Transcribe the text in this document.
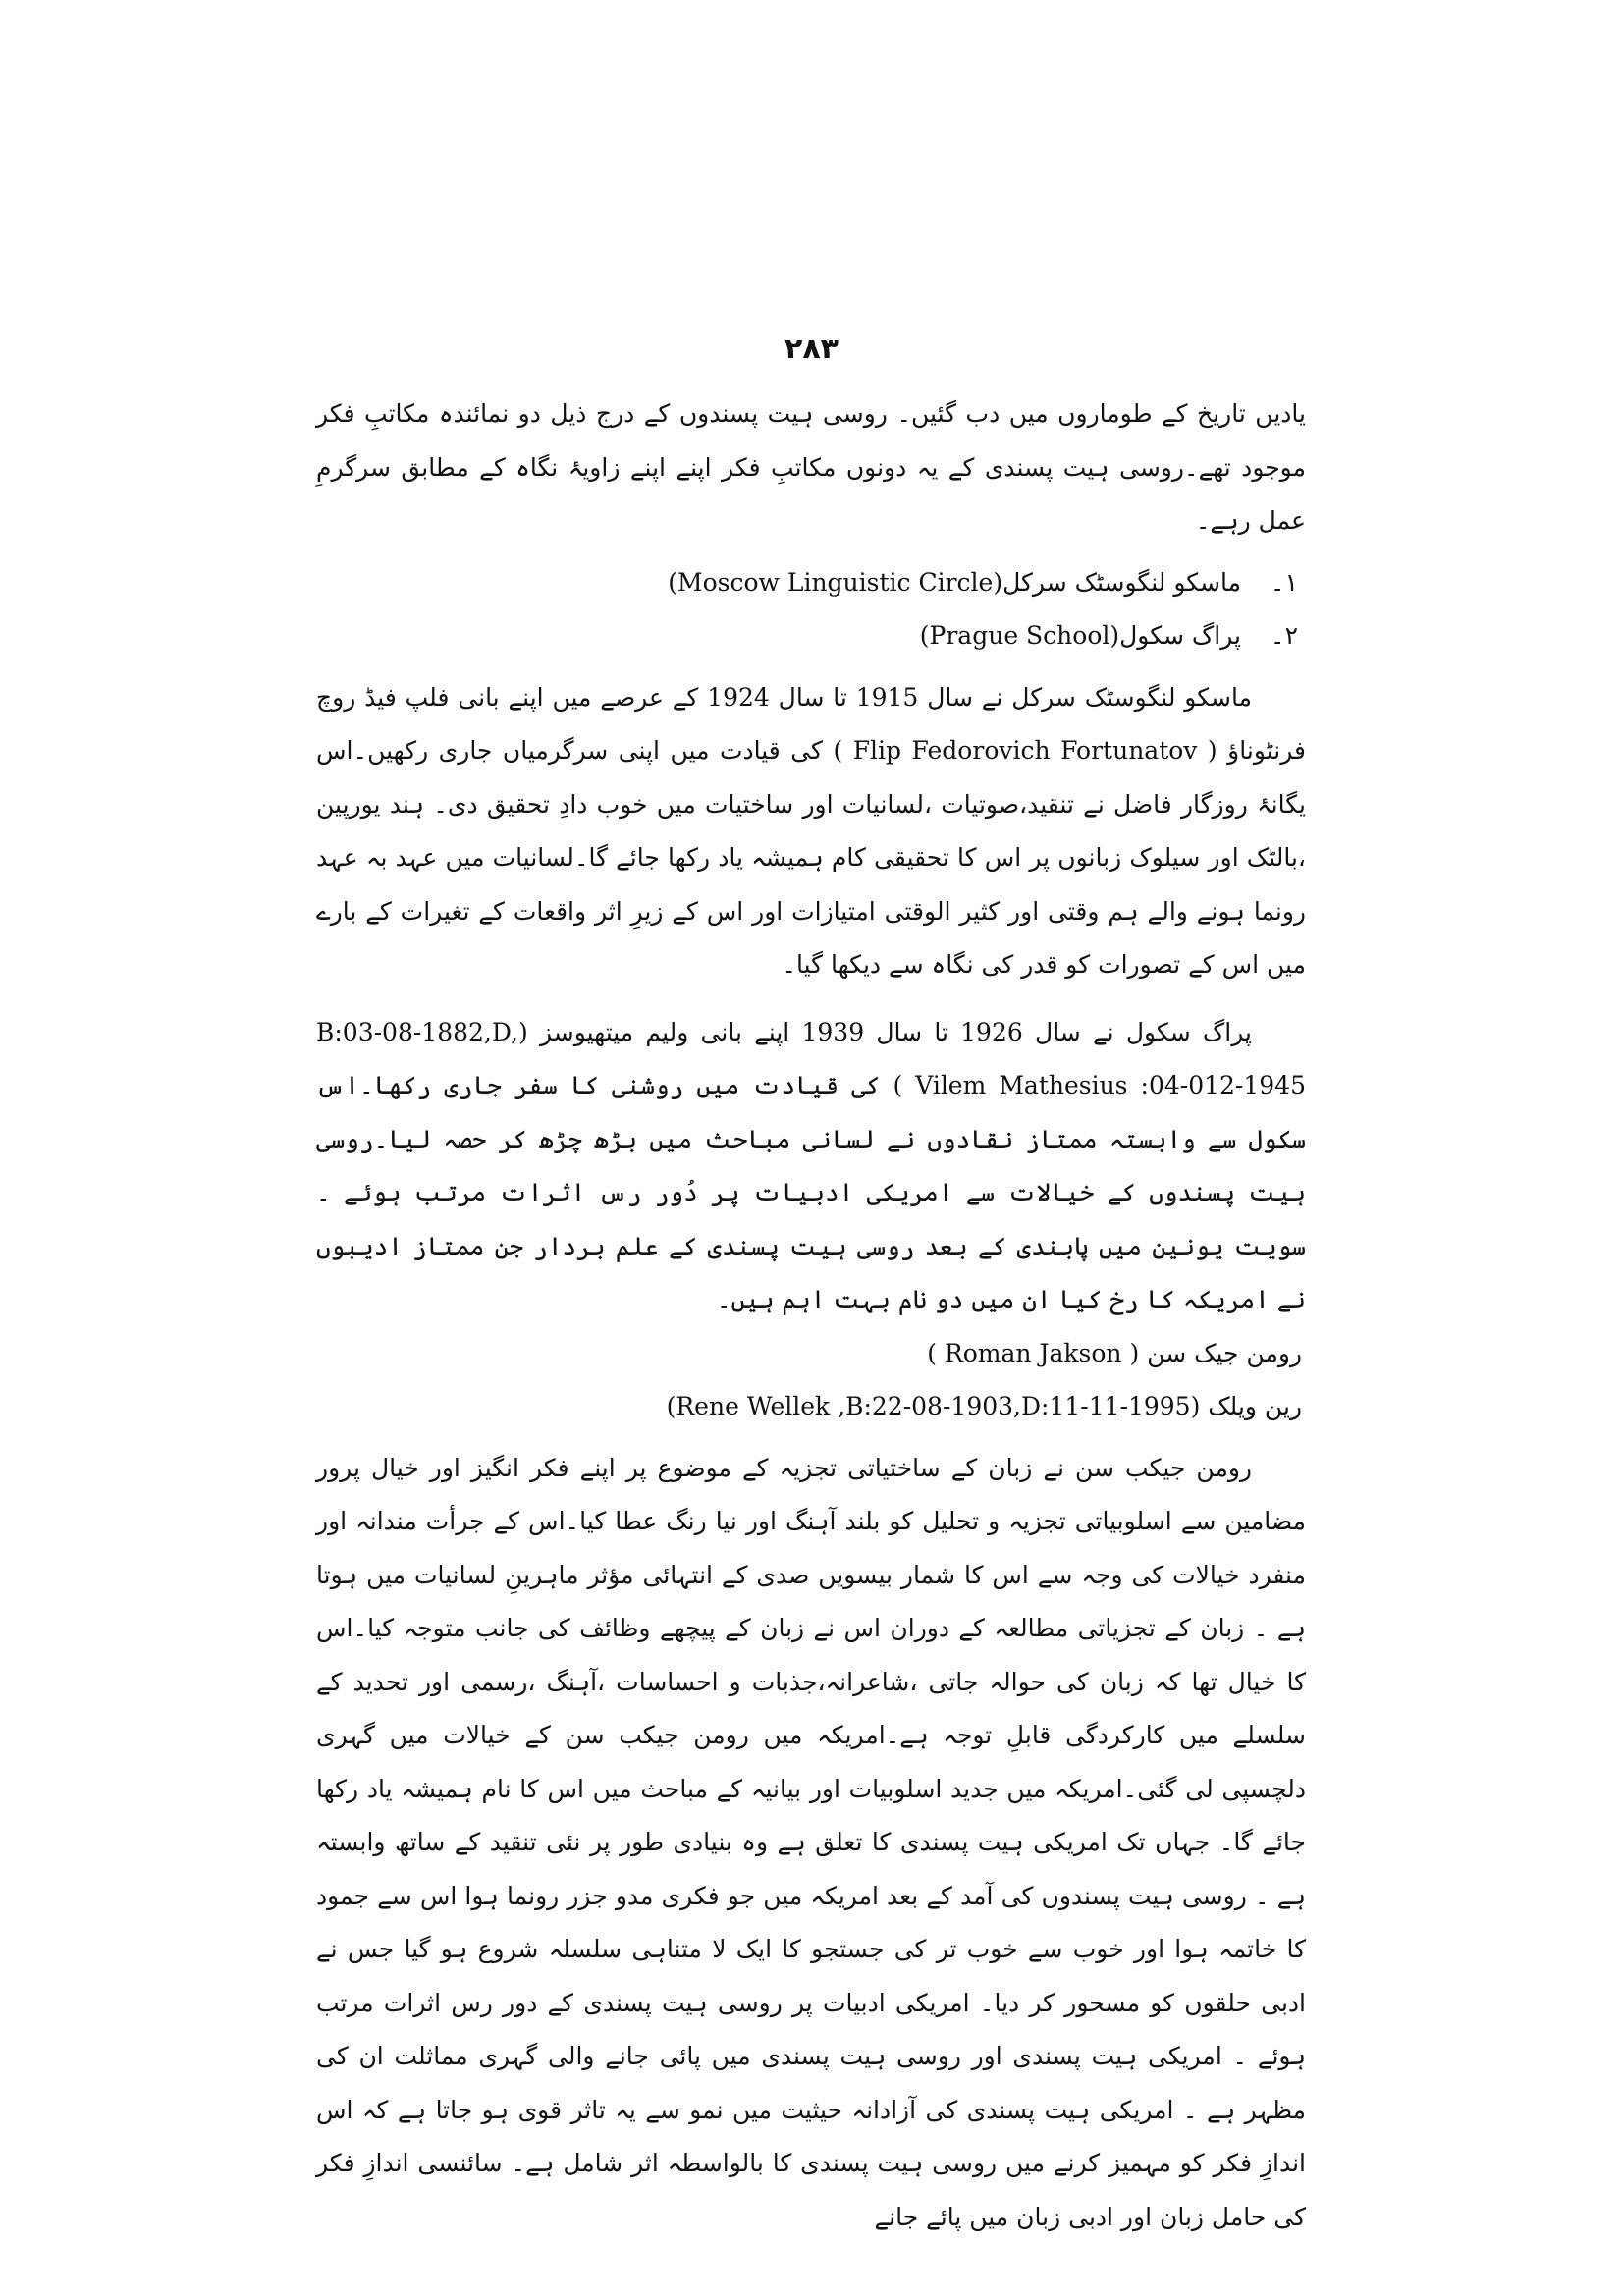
۲۸۳

یادیں تاریخ کے طوماروں میں دب گئیں۔ روسی ہیت پسندوں کے درج ذیل دو نمائندہ مکاتبِ فکر موجود تھے۔روسی ہیت پسندی کے یہ دونوں مکاتبِ فکر اپنے اپنے زاویۂ نگاہ کے مطابق سرگرمِ عمل رہے۔

۱۔ماسکو لنگوسٹک سرکل(Moscow Linguistic Circle)

۲۔پراگ سکول(Prague School)

ماسکو لنگوسٹک سرکل نے سال 1915 تا سال 1924 کے عرصے میں اپنے بانی فلپ فیڈ روچ فرنٹوناؤ ( Flip Fedorovich Fortunatov ) کی قیادت میں اپنی سرگرمیاں جاری رکھیں۔اس یگانۂ روزگار فاضل نے تنقید،صوتیات ،لسانیات اور ساختیات میں خوب دادِ تحقیق دی۔ ہند یورپین ،بالٹک اور سیلوک زبانوں پر اس کا تحقیقی کام ہمیشہ یاد رکھا جائے گا۔لسانیات میں عہد بہ عہد رونما ہونے والے ہم وقتی اور کثیر الوقتی امتیازات اور اس کے زیرِ اثر واقعات کے تغیرات کے بارے میں اس کے تصورات کو قدر کی نگاہ سے دیکھا گیا۔

پراگ سکول نے سال 1926 تا سال 1939 اپنے بانی ولیم میتھیوسز (B:03-08-1882,D, Vilem Mathesius :04-012-1945 ) کی قیادت میں روشنی کا سفر جاری رکھا۔اس سکول سے وابستہ ممتاز نقادوں نے لسانی مباحث میں بڑھ چڑھ کر حصہ لیا۔روسی ہیت پسندوں کے خیالات سے امریکی ادبیات پر دُور رس اثرات مرتب ہوئے ۔سویت یونین میں پابندی کے بعد روسی ہیت پسندی کے علم بردار جن ممتاز ادیبوں نے امریکہ کا رخ کیا ان میں دو نام بہت اہم ہیں۔

رومن جیک سن ( Roman Jakson )

رین ویلک (Rene Wellek ,B:22-08-1903,D:11-11-1995)

رومن جیکب سن نے زبان کے ساختیاتی تجزیہ کے موضوع پر اپنے فکر انگیز اور خیال پرور مضامین سے اسلوبیاتی تجزیہ و تحلیل کو بلند آہنگ اور نیا رنگ عطا کیا۔اس کے جرأت مندانہ اور منفرد خیالات کی وجہ سے اس کا شمار بیسویں صدی کے انتہائی مؤثر ماہرینِ لسانیات میں ہوتا ہے ۔ زبان کے تجزیاتی مطالعہ کے دوران اس نے زبان کے پیچھے وظائف کی جانب متوجہ کیا۔اس کا خیال تھا کہ زبان کی حوالہ جاتی ،شاعرانہ،جذبات و احساسات ،آہنگ ،رسمی اور تحدید کے سلسلے میں کارکردگی قابلِ توجہ ہے۔امریکہ میں رومن جیکب سن کے خیالات میں گہری دلچسپی لی گئی۔امریکہ میں جدید اسلوبیات اور بیانیہ کے مباحث میں اس کا نام ہمیشہ یاد رکھا جائے گا۔ جہاں تک امریکی ہیت پسندی کا تعلق ہے وہ بنیادی طور پر نئی تنقید کے ساتھ وابستہ ہے ۔ روسی ہیت پسندوں کی آمد کے بعد امریکہ میں جو فکری مدو جزر رونما ہوا اس سے جمود کا خاتمہ ہوا اور خوب سے خوب تر کی جستجو کا ایک لا متناہی سلسلہ شروع ہو گیا جس نے ادبی حلقوں کو مسحور کر دیا۔ امریکی ادبیات پر روسی ہیت پسندی کے دور رس اثرات مرتب ہوئے ۔ امریکی ہیت پسندی اور روسی ہیت پسندی میں پائی جانے والی گہری مماثلت ان کی مظہر ہے ۔ امریکی ہیت پسندی کی آزادانہ حیثیت میں نمو سے یہ تاثر قوی ہو جاتا ہے کہ اس اندازِ فکر کو مہمیز کرنے میں روسی ہیت پسندی کا بالواسطہ اثر شامل ہے۔ سائنسی اندازِ فکر کی حامل زبان اور ادبی زبان میں پائے جانے
